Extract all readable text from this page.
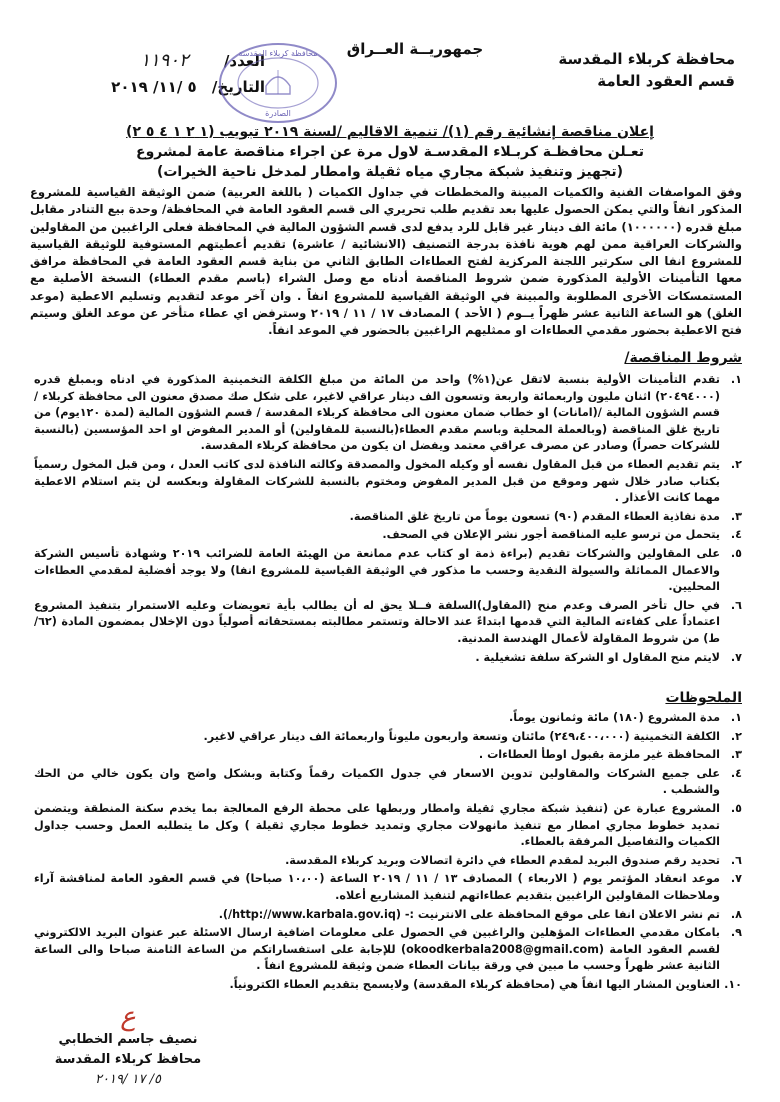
محافظة كربلاء المقدسة
قسم العقود العامة
جمهوريــة العــراق
العدد/ ١١٩٠٢
التاريخ/ ٥ /١١/ ٢٠١٩
محافظة كربلاء المقدسة
الصادرة
إعلان مناقصة إنشائية رقم (١)/ تنمية الاقاليم /لسنة ٢٠١٩ تبويب (١ ٢ ١ ٤ ٥ ٢)
تعـلن محافظـة كربـلاء المقدسـة لاول مرة عن اجراء مناقصة عامة لمشروع
(تجهيز وتنفيذ شبكة مجاري مياه ثقيلة وامطار لمدخل ناحية الخيرات)
وفق المواصفات الفنية والكميات المبينة والمخططات في جداول الكميات ( باللغة العربية) ضمن الوثيقة القياسية للمشروع المذكور انفاً والتي يمكن الحصول عليها بعد تقديم طلب تحريري الى قسم العقود العامة في المحافظة/ وحدة بيع التنادر مقابل مبلغ قدره (١٠٠٠٠٠٠) مائة الف دينار غير قابل للرد يدفع لدى قسم الشؤون المالية في المحافظة فعلى الراغبين من المقاولين والشركات العراقية ممن لهم هوية نافذة بدرجة التصنيف (الانشائية / عاشرة) تقديم أعطيتهم المستوفية للوثيقة القياسية للمشروع انفا الى سكرتير اللجنة المركزية لفتح العطاءات الطابق الثاني من بناية قسم العقود العامة في المحافظة مرافق معها التأمينات الأولية المذكورة ضمن شروط المناقصة أدناه مع وصل الشراء (باسم مقدم العطاء) النسخة الأصلية مع المستمسكات الأخرى المطلوبة والمبينة في الوثيقة القياسية للمشروع انفاً . وان آخر موعد لتقديم وتسليم الاعطية (موعد الغلق) هو الساعة الثانية عشر ظهراً يــوم ( الأحد ) المصادف ١٧ / ١١ / ٢٠١٩ وسترفض اي عطاء متأخر عن موعد الغلق وسيتم فتح الاعطية بحضور مقدمي العطاءات او ممثليهم الراغبين بالحضور في الموعد انفاً.
شروط المناقصة/
١.
تقدم التأمينات الأولية بنسبة لاتقل عن(١%) واحد من المائة من مبلغ الكلفة التخمينية المذكورة في ادناه وبمبلغ قدره (٢٠٤٩٤٠٠٠) اثنان مليون واربعمائة واربعة وتسعون الف دينار عراقي لاغير، على شكل صك مصدق معنون الى محافظة كربلاء / قسم الشؤون المالية /(امانات) او خطاب ضمان معنون الى محافظة كربلاء المقدسة / قسم الشؤون المالية (لمدة ١٢٠يوم) من تاريخ غلق المناقصة (وبالعملة المحلية وباسم مقدم العطاء(بالنسبة للمقاولين) أو المدير المفوض او احد المؤسسين (بالنسبة للشركات حصراً) وصادر عن مصرف عراقي معتمد ويفضل ان يكون من محافظة كربلاء المقدسة.
٢.
يتم تقديم العطاء من قبل المقاول نفسه أو وكيله المخول والمصدقة وكالته النافذة لدى كاتب العدل ، ومن قبل المخول رسمياً بكتاب صادر خلال شهر وموقع من قبل المدير المفوض ومختوم بالنسبة للشركات المقاولة وبعكسه لن يتم استلام الاعطية مهما كانت الأعذار .
٣.
مدة نفاذية العطاء المقدم (٩٠) تسعون يوماً من تاريخ غلق المناقصة.
٤.
يتحمل من ترسو عليه المناقصة أجور نشر الإعلان في الصحف.
٥.
على المقاولين والشركات تقديم (براءة ذمة او كتاب عدم ممانعة من الهيئة العامة للضرائب ٢٠١٩ وشهادة تأسيس الشركة والاعمال المماثلة والسيولة النقدية وحسب ما مذكور في الوثيقة القياسية للمشروع انفا) ولا يوجد أفضلية لمقدمي العطاءات المحليين.
٦.
في حال تأخر الصرف وعدم منح (المقاول)السلفة فــلا يحق له أن يطالب بأية تعويضات وعليه الاستمرار بتنفيذ المشروع اعتماداً على كفاءته المالية التي قدمها ابتداءً عند الاحالة وتستمر مطالبته بمستحقاته أصولياً دون الإخلال بمضمون المادة (٦٢/ط) من شروط المقاولة لأعمال الهندسة المدنية.
٧.
لايتم منح المقاول او الشركة سلفة تشغيلية .
الملحوظات
١.
مدة المشروع (١٨٠) مائة وثمانون يوماً.
٢.
الكلفة التخمينية (٢٤٩،٤٠٠،٠٠٠) مائتان وتسعة واربعون مليوناً واربعمائة الف دينار عراقي لاغير.
٣.
المحافظة غير ملزمة بقبول اوطأ العطاءات .
٤.
على جميع الشركات والمقاولين تدوين الاسعار في جدول الكميات رقماً وكتابة وبشكل واضح وان يكون خالي من الحك والشطب .
٥.
المشروع عبارة عن (تنفيذ شبكة مجاري ثقيلة وامطار وربطها على محطة الرفع المعالجة بما يخدم سكنة المنطقة ويتضمن تمديد خطوط مجاري امطار مع تنفيذ مانهولات مجاري وتمديد خطوط مجاري ثقيلة ) وكل ما يتطلبه العمل وحسب جداول الكميات والتفاصيل المرفقة بالعطاء.
٦.
تحديد رقم صندوق البريد لمقدم العطاء في دائرة اتصالات وبريد كربلاء المقدسة.
٧.
موعد انعقاد المؤتمر يوم ( الاربعاء ) المصادف ١٣ / ١١ / ٢٠١٩ الساعة (١٠،٠٠ صباحا) في قسم العقود العامة لمناقشة آراء وملاحظات المقاولين الراغبين بتقديم عطاءاتهم لتنفيذ المشاريع أعلاه.
٨.
تم نشر الاعلان انفا على موقع المحافظة على الانترنيت :- (http://www.karbala.gov.iq/).
٩.
بامكان مقدمي العطاءات المؤهلين والراغبين في الحصول على معلومات اضافية ارسال الاسئلة عبر عنوان البريد الالكتروني لقسم العقود العامة (okoodkerbala2008@gmail.com) للإجابة على استفساراتكم من الساعة الثامنة صباحا والى الساعة الثانية عشر ظهراً وحسب ما مبين في ورقة بيانات العطاء ضمن وثيقة للمشروع انفاً .
١٠.
العناوين المشار اليها انفاً هي (محافظة كربلاء المقدسة) ولايسمح بتقديم العطاء الكترونياً.
ع
نصيف جاسم الخطابي
محافظ كربلاء المقدسة
٥/ ١٧ /٢٠١٩
